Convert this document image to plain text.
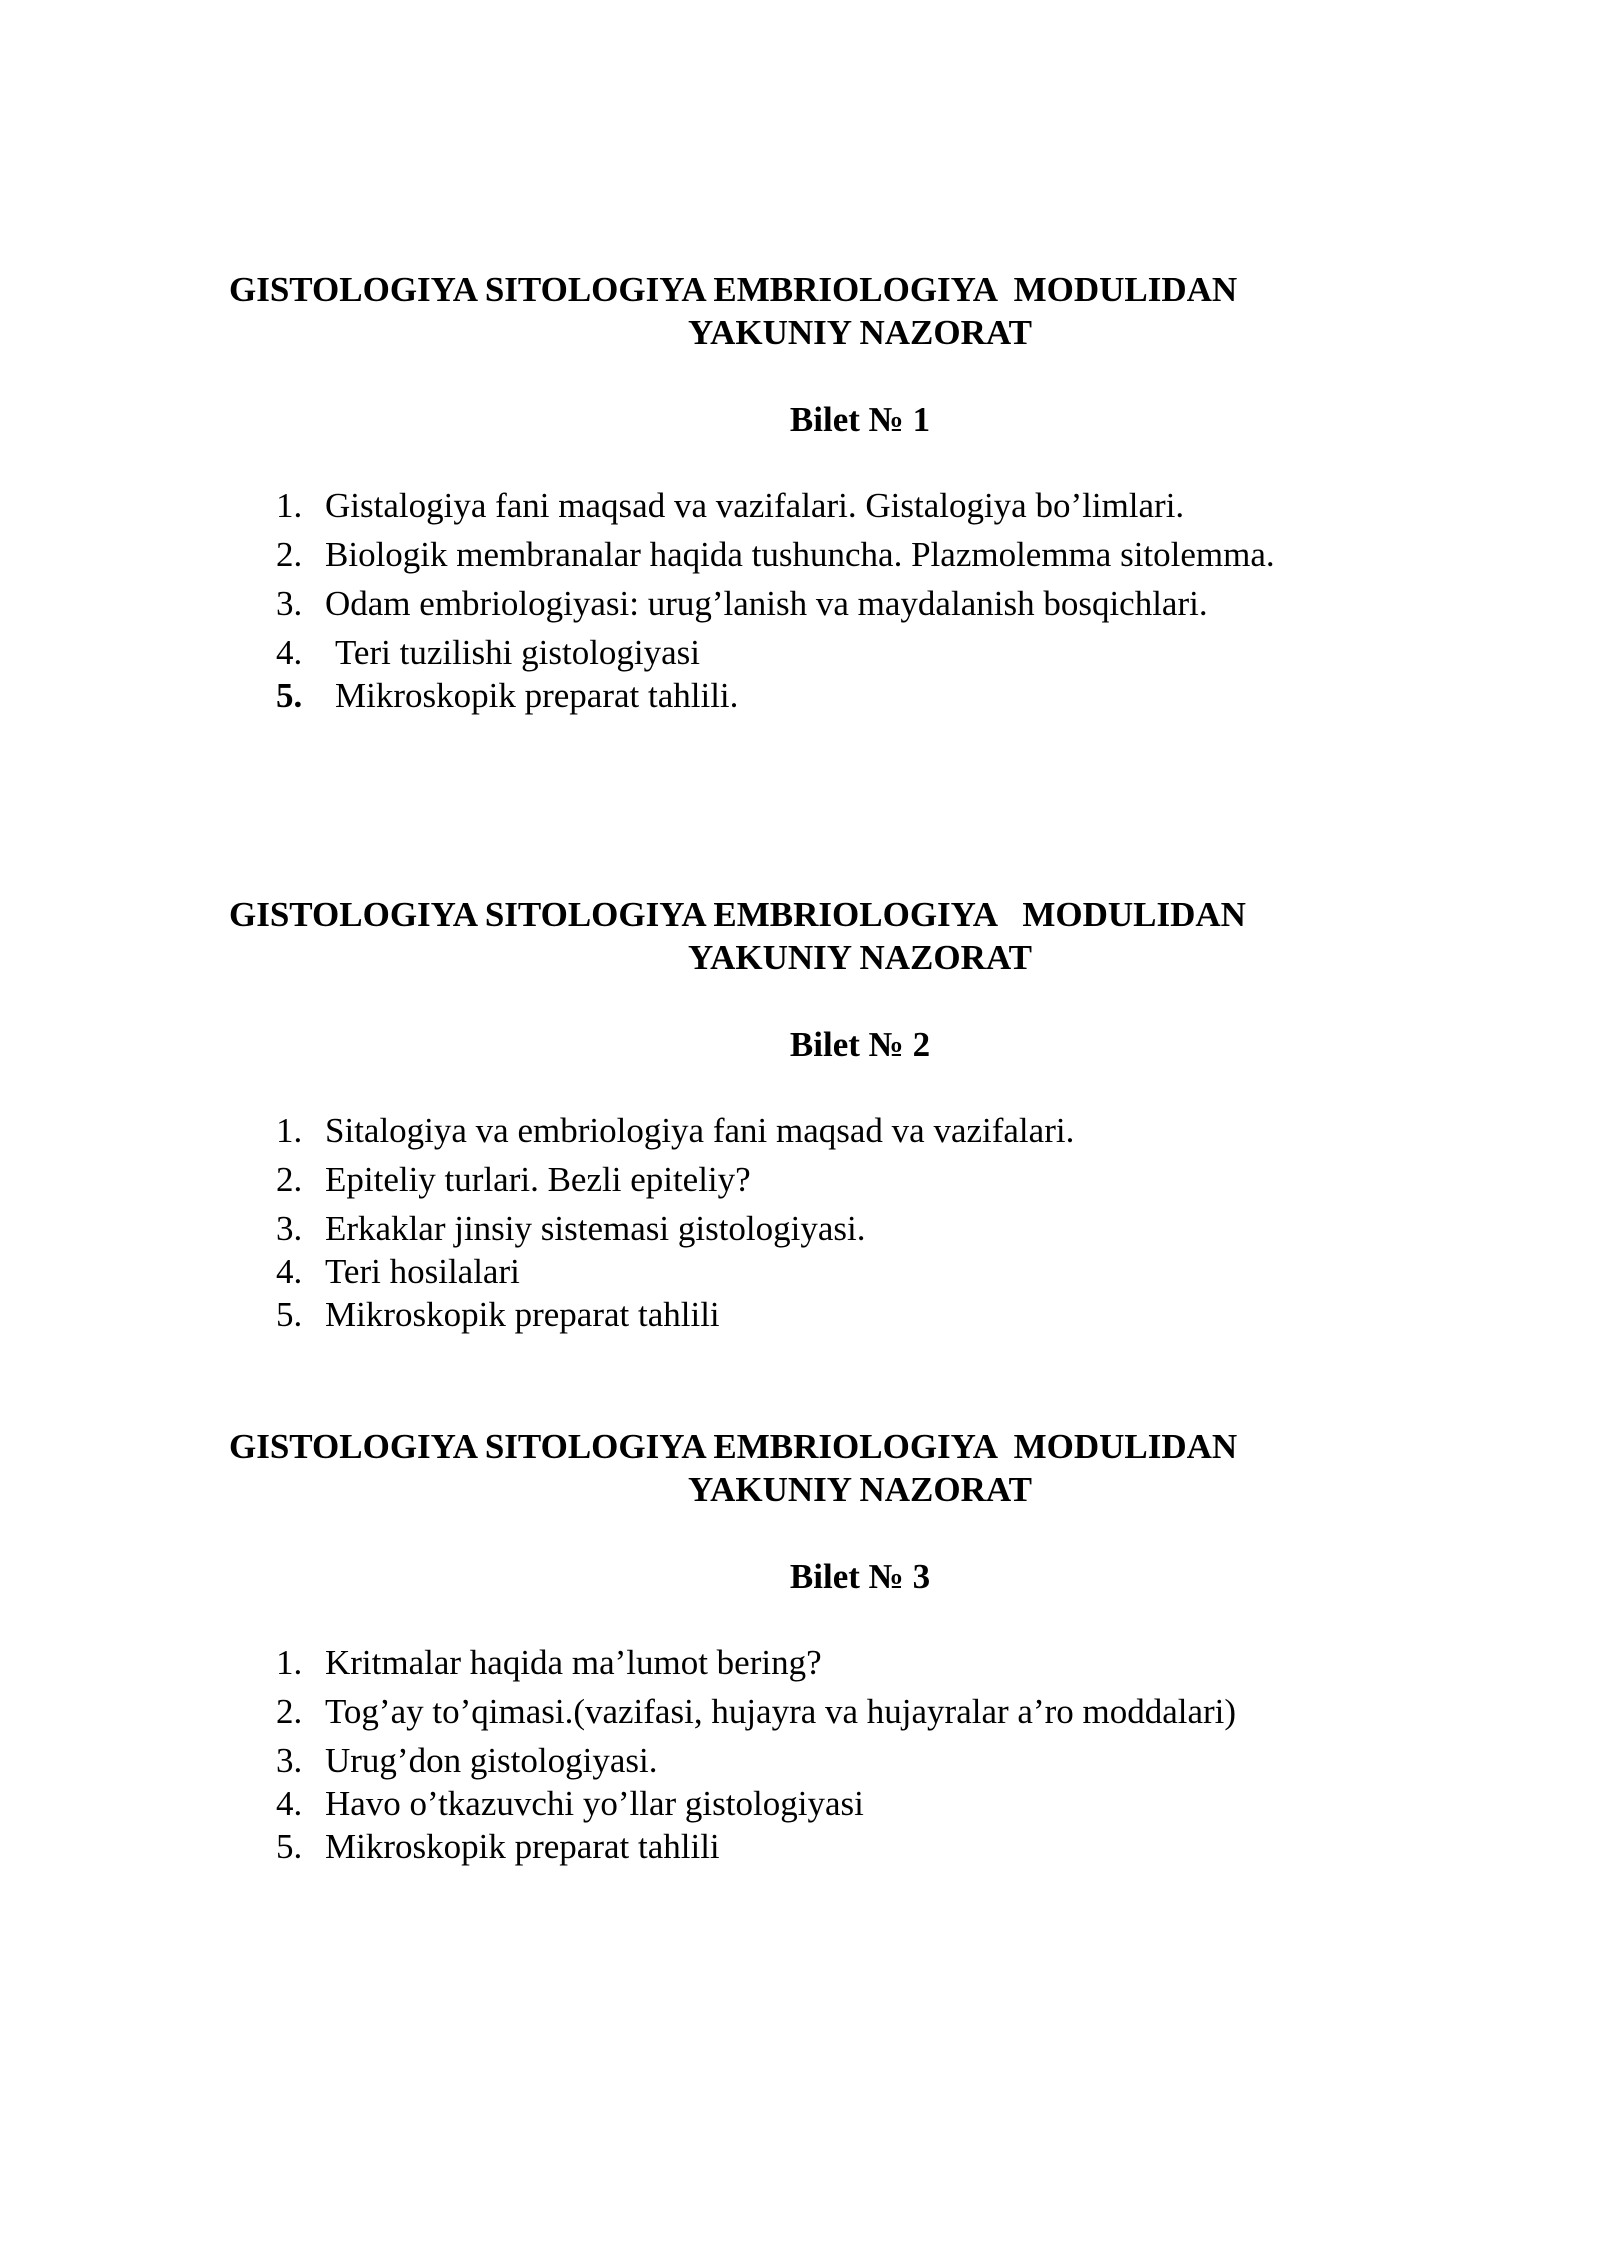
GISTOLOGIYA SITOLOGIYA EMBRIOLOGIYA  MODULIDAN
YAKUNIY NAZORAT
Bilet № 1
1. Gistalogiya fani maqsad va vazifalari. Gistalogiya bo’limlari.
2. Biologik membranalar haqida tushuncha. Plazmolemma sitolemma.
3. Odam embriologiyasi: urug’lanish va maydalanish bosqichlari.
4. Teri tuzilishi gistologiyasi
5. Mikroskopik preparat tahlili.
GISTOLOGIYA SITOLOGIYA EMBRIOLOGIYA   MODULIDAN
YAKUNIY NAZORAT
Bilet № 2
1. Sitalogiya va embriologiya fani maqsad va vazifalari.
2. Epiteliy turlari. Bezli epiteliy?
3. Erkaklar jinsiy sistemasi gistologiyasi.
4. Teri hosilalari
5. Mikroskopik preparat tahlili
GISTOLOGIYA SITOLOGIYA EMBRIOLOGIYA  MODULIDAN
YAKUNIY NAZORAT
Bilet № 3
1. Kritmalar haqida ma’lumot bering?
2. Tog’ay to’qimasi.(vazifasi, hujayra va hujayralar a’ro moddalari)
3. Urug’don gistologiyasi.
4. Havo o’tkazuvchi yo’llar gistologiyasi
5. Mikroskopik preparat tahlili
